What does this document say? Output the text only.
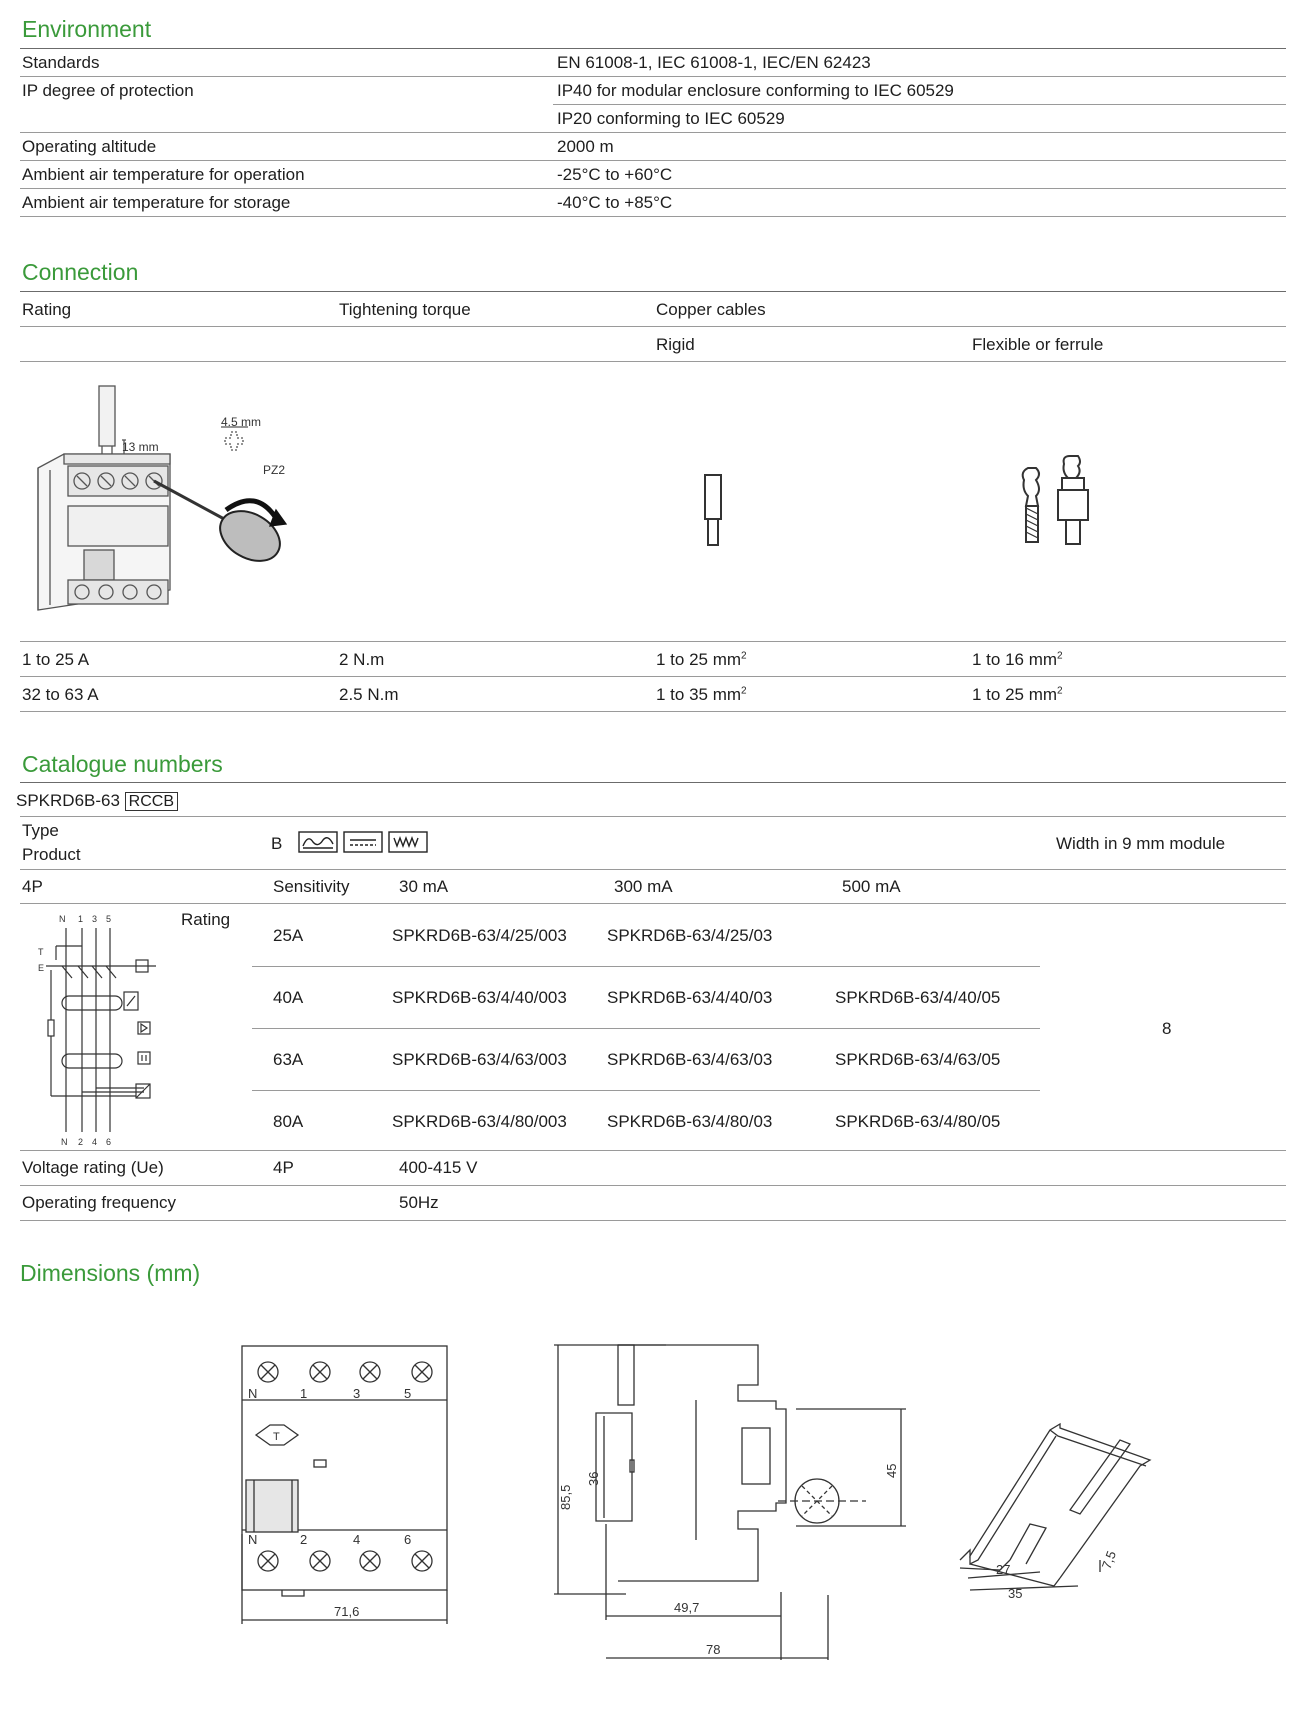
Environment
Standards	EN 61008-1, IEC 61008-1, IEC/EN 62423
IP degree of protection	IP40 for modular enclosure conforming to IEC 60529
IP20 conforming to IEC 60529
Operating altitude	2000 m
Ambient air temperature for operation	-25°C to +60°C
Ambient air temperature for storage	-40°C to +85°C
Connection
Rating	Tightening torque	Copper cables
Rigid	Flexible or ferrule
13 mm
4.5 mm
PZ2
1 to 25 A	2 N.m	1 to 25 $mm^2$	1 to 16 $mm^2$
32 to 63 A	2.5 N.m	1 to 35 $mm^2$	1 to 25 $mm^2$
Catalogue numbers
SPKRD6B-63 RCCB
Type
Product
B	Width in 9 mm module
4P	Sensitivity	30 mA	300 mA	500 mA
N 1 3 5
N 2 4 6
T
E
Rating
25A	SPKRD6B-63/4/25/003 SPKRD6B-63/4/25/03
40A	SPKRD6B-63/4/40/003 SPKRD6B-63/4/40/03	SPKRD6B-63/4/40/05
63A	SPKRD6B-63/4/63/003 SPKRD6B-63/4/63/03	SPKRD6B-63/4/63/05
80A	SPKRD6B-63/4/80/003 SPKRD6B-63/4/80/03	SPKRD6B-63/4/80/05
8
Voltage rating (Ue)	4P	400-415 V
Operating frequency	50Hz
Dimensions (mm)
N	1	3	5
N	2	4	6
T
71,6
85,5
36
45
49,7
78
27
35
7,5
